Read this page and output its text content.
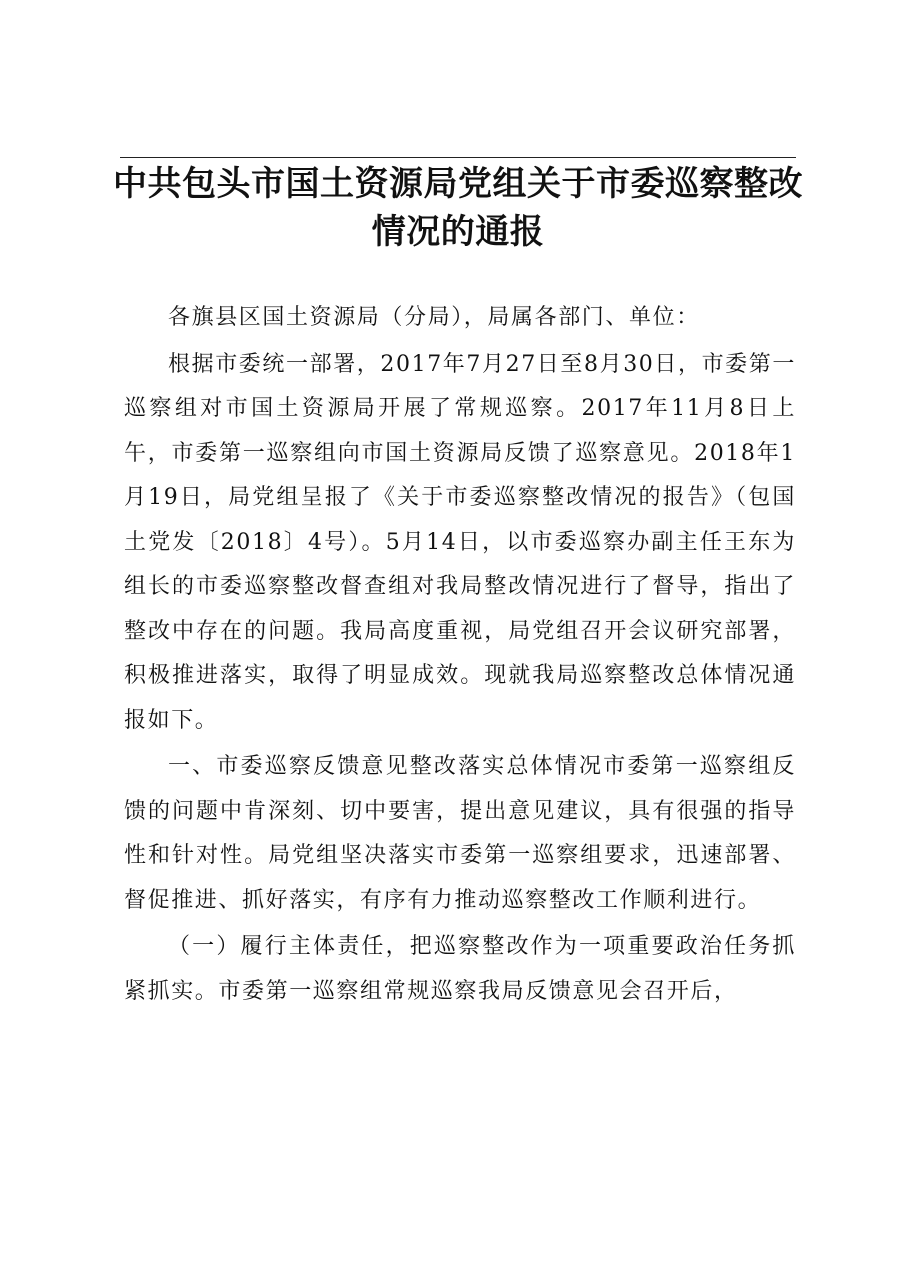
中共包头市国土资源局党组关于市委巡察整改
情况的通报

各旗县区国土资源局（分局），局属各部门、单位：

根据市委统一部署，2017年7月27日至8月30日，市委第一巡察组对市国土资源局开展了常规巡察。2017年11月8日上午，市委第一巡察组向市国土资源局反馈了巡察意见。2018年1月19日，局党组呈报了《关于市委巡察整改情况的报告》（包国土党发〔2018〕4号）。5月14日，以市委巡察办副主任王东为组长的市委巡察整改督查组对我局整改情况进行了督导，指出了整改中存在的问题。我局高度重视，局党组召开会议研究部署，积极推进落实，取得了明显成效。现就我局巡察整改总体情况通报如下。

一、市委巡察反馈意见整改落实总体情况市委第一巡察组反馈的问题中肯深刻、切中要害，提出意见建议，具有很强的指导性和针对性。局党组坚决落实市委第一巡察组要求，迅速部署、督促推进、抓好落实，有序有力推动巡察整改工作顺利进行。

（一）履行主体责任，把巡察整改作为一项重要政治任务抓紧抓实。市委第一巡察组常规巡察我局反馈意见会召开后，
